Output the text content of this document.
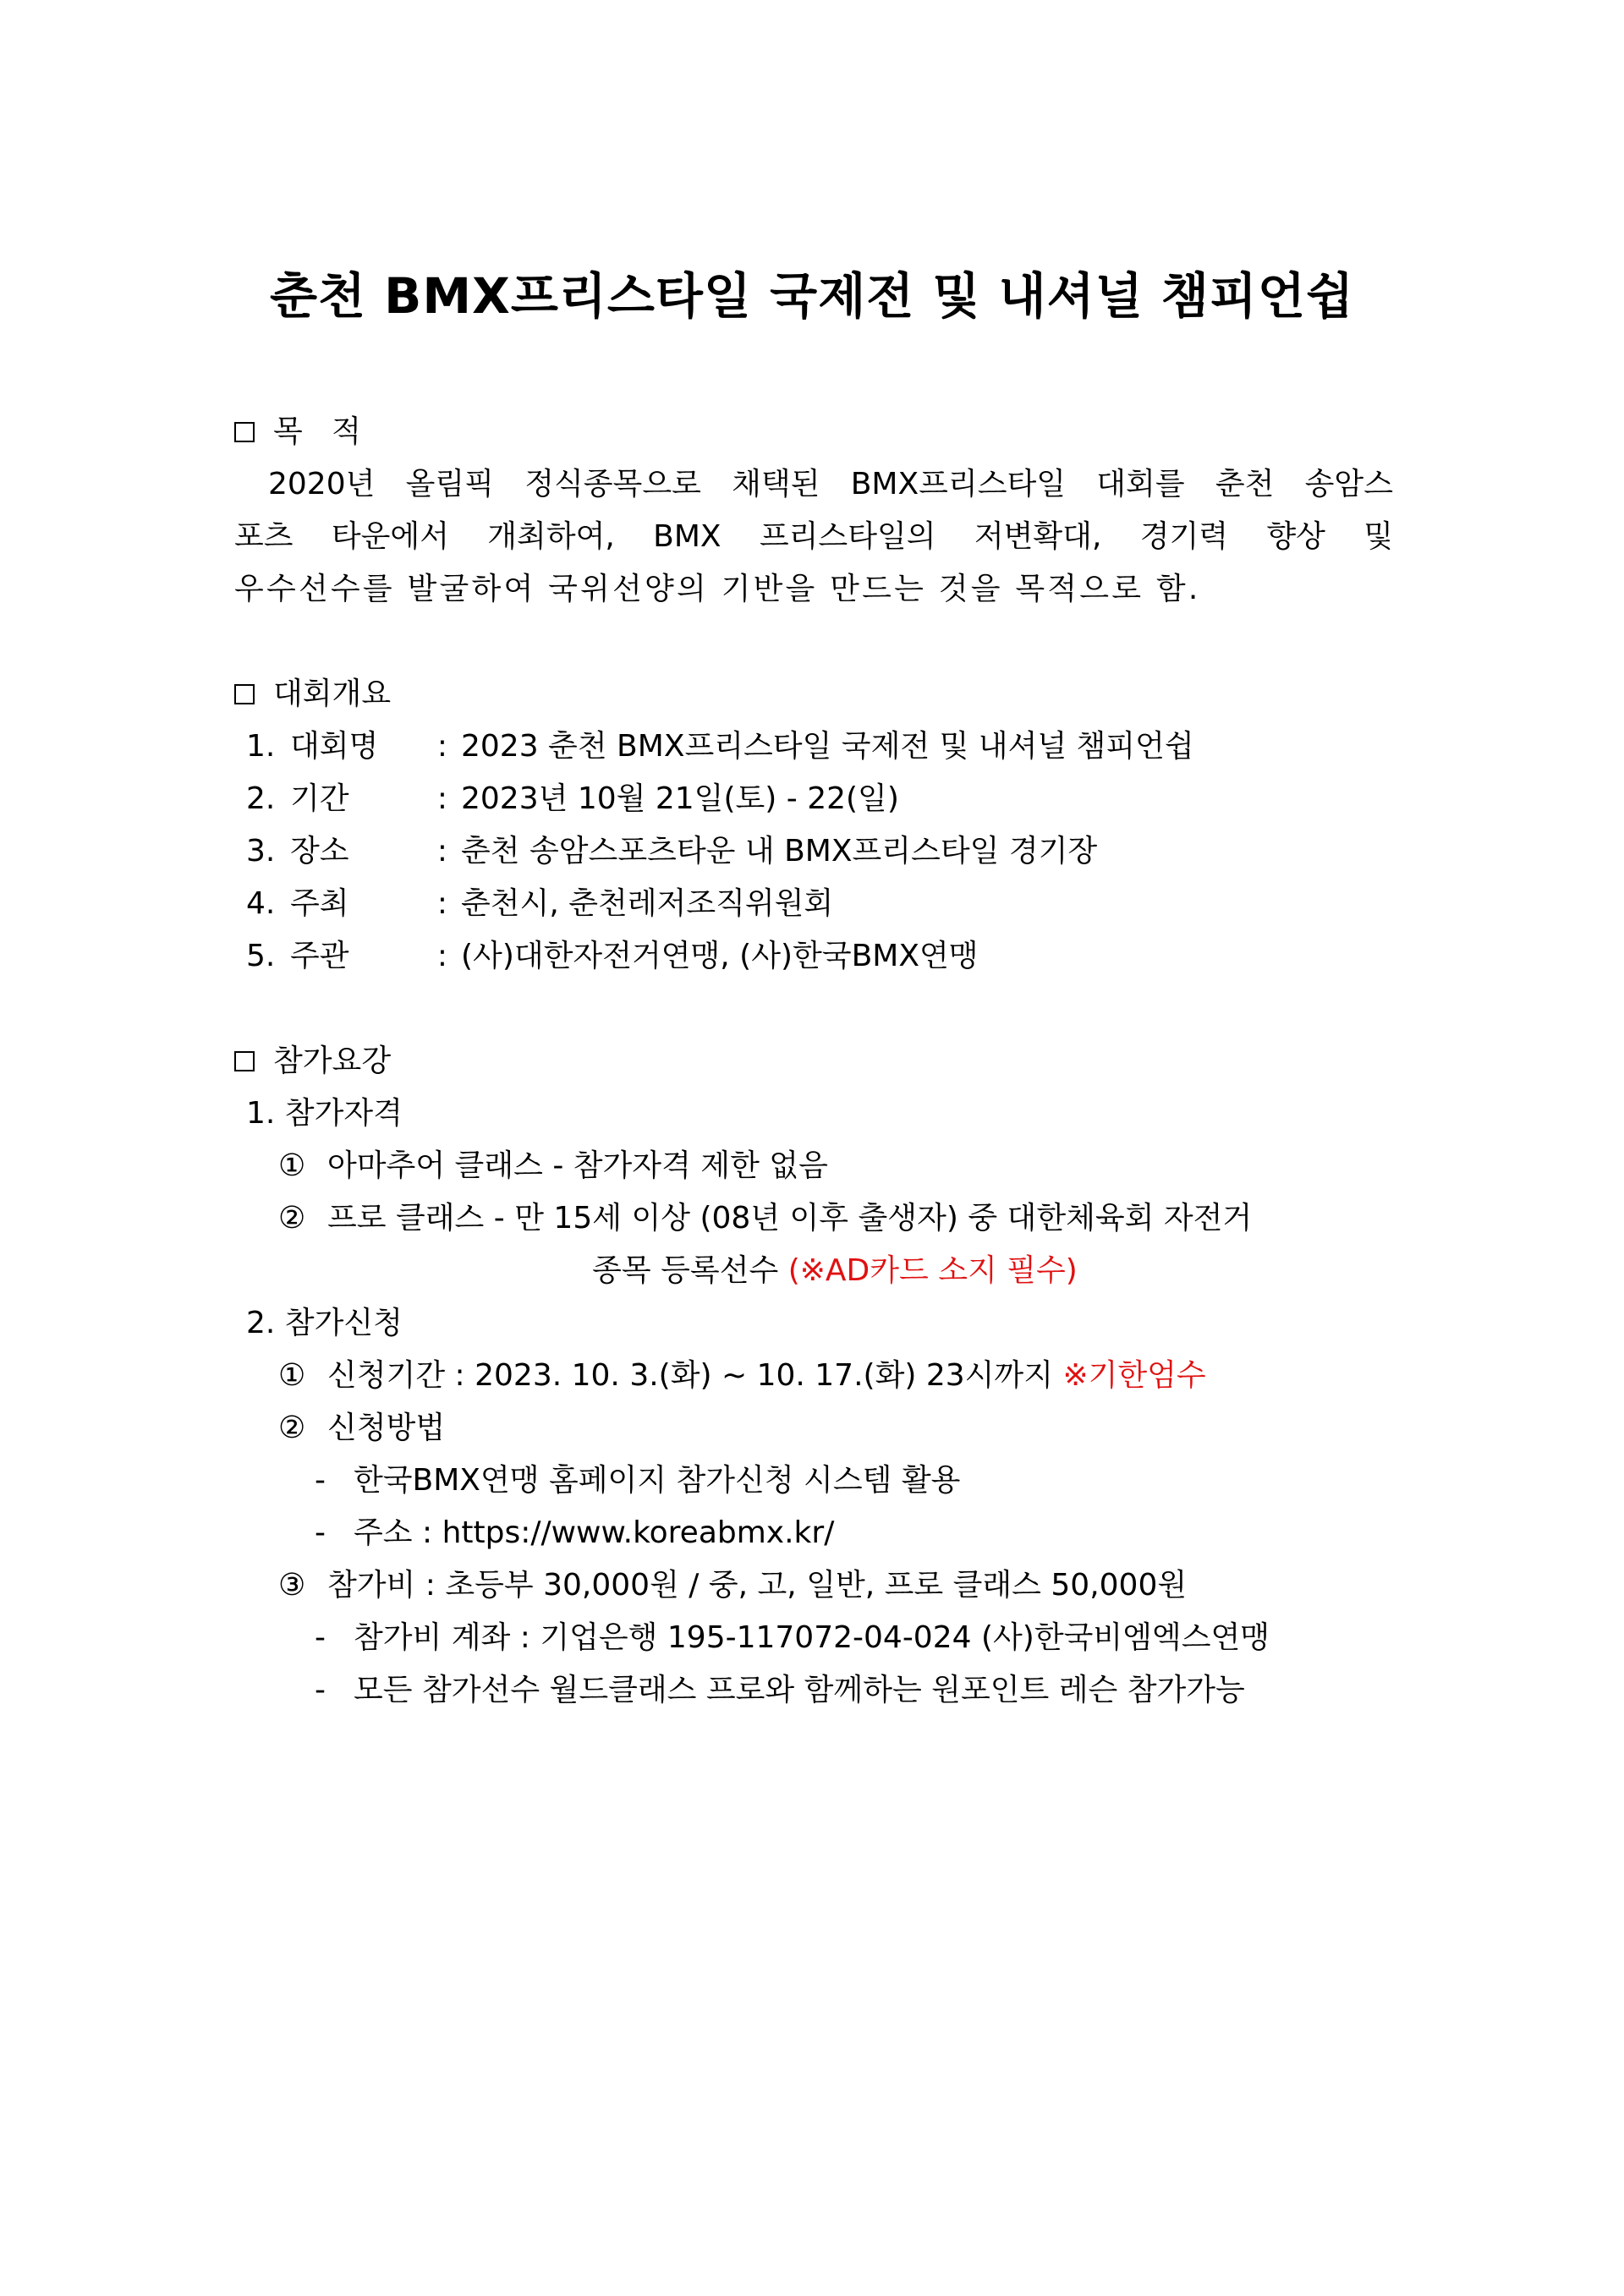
춘천 BMX프리스타일 국제전 및 내셔널 챔피언쉽
목   적
2020년 올림픽 정식종목으로 채택된 BMX프리스타일 대회를 춘천 송암스
포츠 타운에서 개최하여, BMX 프리스타일의 저변확대, 경기력 향상 및
우수선수를 발굴하여 국위선양의 기반을 만드는 것을 목적으로 함.
대회개요
1. 대회명 : 2023 춘천 BMX프리스타일 국제전 및 내셔널 챔피언쉽
2. 기간	: 2023년 10월 21일(토) - 22(일)
3. 장소	: 춘천 송암스포츠타운 내 BMX프리스타일 경기장
4. 주최	: 춘천시, 춘천레저조직위원회
5. 주관	: (사)대한자전거연맹, (사)한국BMX연맹
참가요강
1. 참가자격
① 아마추어 클래스 - 참가자격 제한 없음
② 프로 클래스 - 만 15세 이상 (08년 이후 출생자) 중 대한체육회 자전거
종목 등록선수 (※AD카드 소지 필수)
2. 참가신청
① 신청기간 : 2023. 10. 3.(화) ~ 10. 17.(화) 23시까지 ※기한엄수
② 신청방법
- 한국BMX연맹 홈페이지 참가신청 시스템 활용
- 주소 : https://www.koreabmx.kr/
③ 참가비 : 초등부 30,000원 / 중, 고, 일반, 프로 클래스 50,000원
- 참가비 계좌 : 기업은행 195-117072-04-024 (사)한국비엠엑스연맹
- 모든 참가선수 월드클래스 프로와 함께하는 원포인트 레슨 참가가능
